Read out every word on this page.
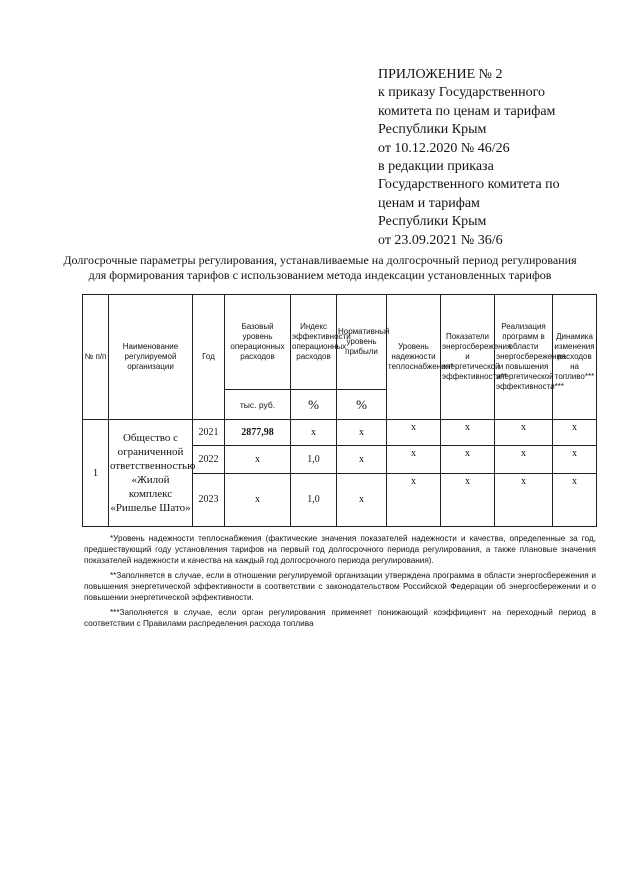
ПРИЛОЖЕНИЕ № 2
к приказу Государственного
комитета по ценам и тарифам
Республики Крым
от 10.12.2020 № 46/26
в редакции приказа
Государственного комитета по
ценам и тарифам
Республики Крым
от 23.09.2021 № 36/6
Долгосрочные параметры регулирования, устанавливаемые на долгосрочный период регулирования для формирования тарифов с использованием метода индексации установленных тарифов
№ п/п	Наименование регулируемой организации	Год	Базовый уровень операционных расходов	Индекс эффективности операционных расходов	Нормативный уровень прибыли	Уровень надежности теплоснабжения*	Показатели энергосбережения и энергетической эффективности**	Реализация программ в области энергосбережения и повышения энергетической эффективности***	Динамика изменения расходов на топливо***
			тыс. руб.	%	%				
1	Общество с ограниченной ответственностью «Жилой комплекс «Ришелье Шато»	2021	2877,98	x	x	x	x	x	x
		2022	x	1,0	x	x	x	x	x
		2023	x	1,0	x	x	x	x	x

*Уровень надежности теплоснабжения (фактические значения показателей надежности и качества, определенные за год, предшествующий году установления тарифов на первый год долгосрочного периода регулирования, а также плановые значения показателей надежности и качества на каждый год долгосрочного периода регулирования).

**Заполняется в случае, если в отношении регулируемой организации утверждена программа в области энергосбережения и повышения энергетической эффективности в соответствии с законодательством Российской Федерации об энергосбережении и о повышении энергетической эффективности.

***Заполняется в случае, если орган регулирования применяет понижающий коэффициент на переходный период в соответствии с Правилами распределения расхода топлива
